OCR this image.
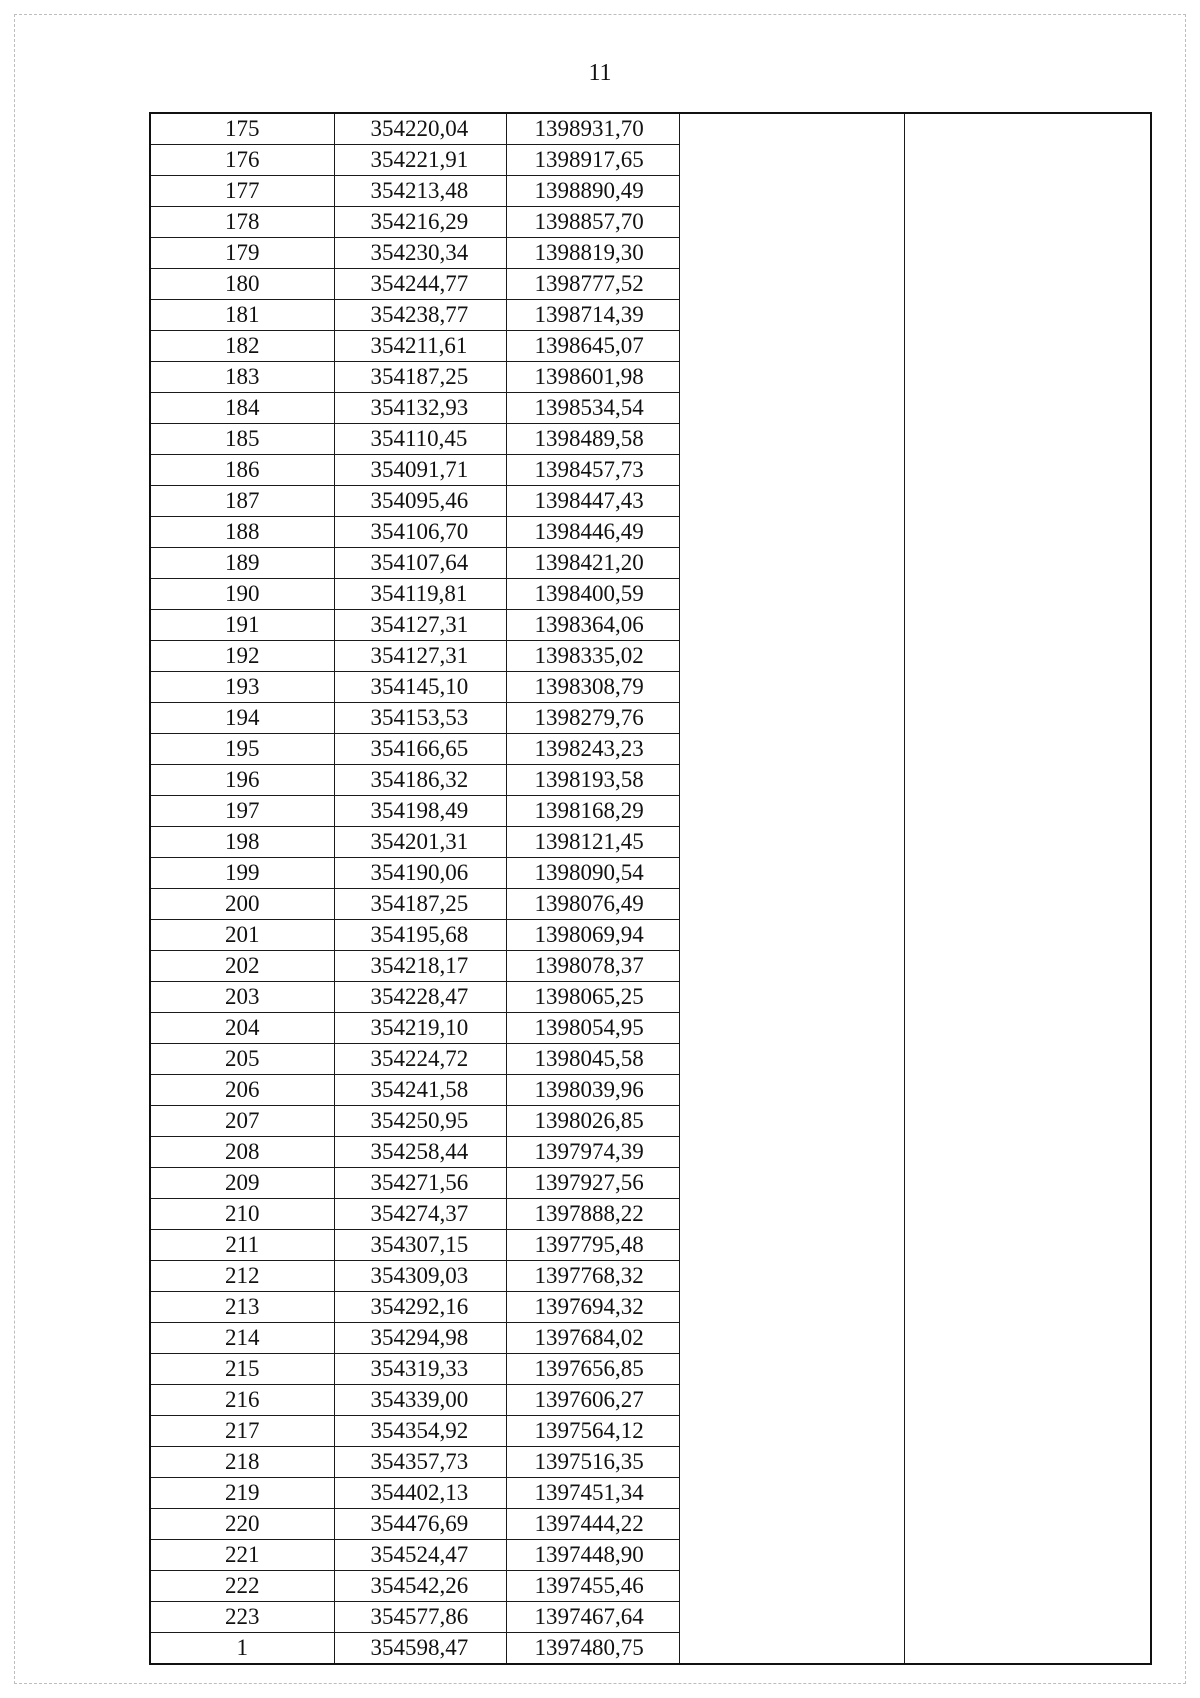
11
175	354220,04	1398931,70		
176	354221,91	1398917,65		
177	354213,48	1398890,49		
178	354216,29	1398857,70		
179	354230,34	1398819,30		
180	354244,77	1398777,52		
181	354238,77	1398714,39		
182	354211,61	1398645,07		
183	354187,25	1398601,98		
184	354132,93	1398534,54		
185	354110,45	1398489,58		
186	354091,71	1398457,73		
187	354095,46	1398447,43		
188	354106,70	1398446,49		
189	354107,64	1398421,20		
190	354119,81	1398400,59		
191	354127,31	1398364,06		
192	354127,31	1398335,02		
193	354145,10	1398308,79		
194	354153,53	1398279,76		
195	354166,65	1398243,23		
196	354186,32	1398193,58		
197	354198,49	1398168,29		
198	354201,31	1398121,45		
199	354190,06	1398090,54		
200	354187,25	1398076,49		
201	354195,68	1398069,94		
202	354218,17	1398078,37		
203	354228,47	1398065,25		
204	354219,10	1398054,95		
205	354224,72	1398045,58		
206	354241,58	1398039,96		
207	354250,95	1398026,85		
208	354258,44	1397974,39		
209	354271,56	1397927,56		
210	354274,37	1397888,22		
211	354307,15	1397795,48		
212	354309,03	1397768,32		
213	354292,16	1397694,32		
214	354294,98	1397684,02		
215	354319,33	1397656,85		
216	354339,00	1397606,27		
217	354354,92	1397564,12		
218	354357,73	1397516,35		
219	354402,13	1397451,34		
220	354476,69	1397444,22		
221	354524,47	1397448,90		
222	354542,26	1397455,46		
223	354577,86	1397467,64		
1	354598,47	1397480,75		
